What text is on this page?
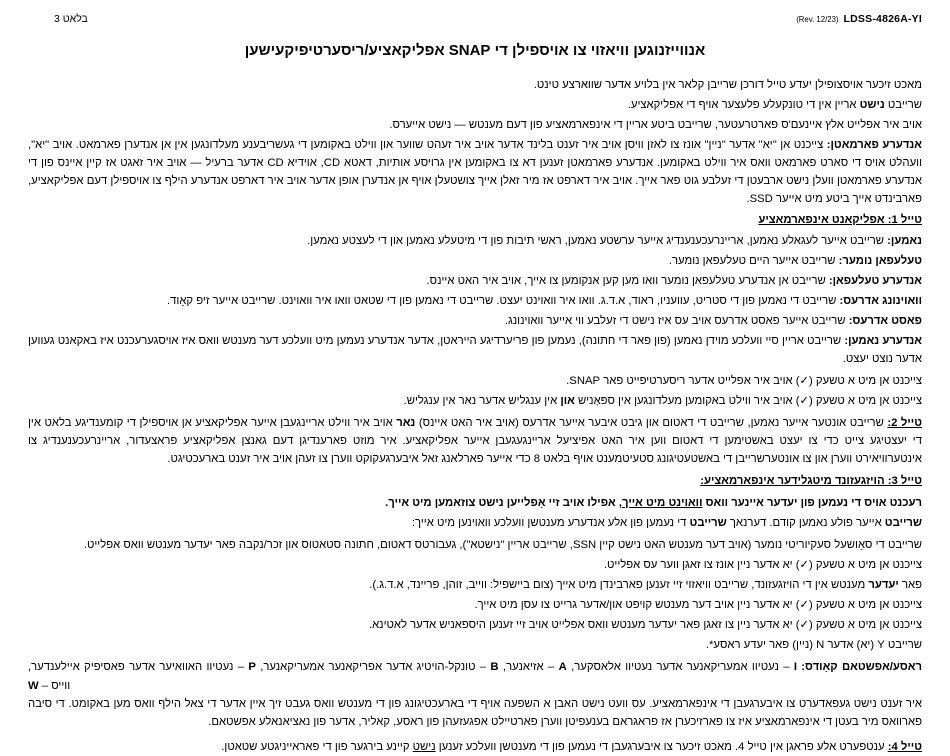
בלאט 3	(Rev. 12/23) LDSS-4826A-YI
אנווייזנוגען וויאזוי צו אויספילן די SNAP אפליקאציע/ריסערטיפיקעישען

מאכט זיכער אויסצופילן יעדע טייל דורכן שרייבן קלאר אין בלויע אדער שווארצע טינט.

שרייבט נישט אריין אין די טונקעלע פלעצער אויף די אפליקאציע.

אויב איר אפלייט אלץ איינעם'ס פארטרעטער, שרייבט ביטע אריין די אינפארמאציע פון דעם מענטש — נישט אייערס.

אנדערע פארמאטן: צייכנט אן "יא" אדער "ניין" אונז צו לאזן וויסן אויב איר זענט בלינד אדער אויב איר זעהט שווער און ווילט באקומען די געשריבענע מעלדונגען אין אן אנדערן פארמאט. אויב "יא", וועהלט אויס די סארט פארמאט וואס איר ווילט באקומען. אנדערע פארמאטן זענען דא צו באקומען אין גרויסע אותיות, דאטא CD, אוידיא CD אדער ברעיל — אויב איר זאגט אז קיין איינס פון די אנדערע פארמאטן וועלן נישט ארבעטן די זעלבע גוט פאר אייך. אויב איר דארפט אז מיר זאלן אייך צושטעלן אויף אן אנדערן אופן אדער אויב איר דארפט אנדערע הילף צו אויספילן דעם אפליקאציע, פארבינדט אייך ביטע מיט אייער SSD.

טייל 1: אפליקאנט אינפארמאציע

נאמען: שרייבט אייער לעגאלע נאמען, אריינרעכענענדיג אייער ערשטע נאמען, ראשי תיבות פון די מיטעלע נאמען און די לעצטע נאמען.

טעלעפאן נומער: שרייבט אייער היים טעלעפאן נומער.

אנדערע טעלעפאן: שרייבט אן אנדערע טעלעפאן נומער וואו מען קען אנקומען צו אייך, אויב איר האט איינס.

וואוינונג אדרעס: שרייבט די נאמען פון די סטריט, עוועניו, ראוד, א.ד.ג. וואו איר וואוינט יעצט. שרייבט די נאמען פון די שטאט וואו איר וואוינט. שרייבט אייער זיפ קאָוד.

פאסט אדרעס: שרייבט אייער פאסט אדרעס אויב עס איז נישט די זעלבע ווי אייער וואוינונג.

אנדערע נאמען: שרייבט אריין סיי וועלכע מוידן נאמען (פון פאר די חתונה), נעמען פון פריערדיגע הייראטן, אדער אנדערע נעמען מיט וועלכע דער מענטש וואס איז אויסגערעכנט איז באקאנט געווען אדער נוצט יעצט.

צייכנט אן מיט א טשעק (✓) אויב איר אפלייט אדער ריסערטיפייט פאר SNAP.

צייכנט אן מיט א טשעק (✓) אויב איר ווילט באקומען מעלדונגען אין ספּאַניש און אין ענגליש אדער נאר אין ענגליש.

טייל 2: שרייבט אונטער אייער נאמען, שרייבט די דאטום און גיבט איבער אייער אדרעס (אויב איר האט איינס) נאר אויב איר ווילט אריינגעבן אייער אפליקאציע אן אויספילן די קומענדיגע בלאט אין די יעצטיגע צייט כדי צו יעצט באשטימען די דאטום ווען איר האט אפיציעל אריינגעגעבן אייער אפליקאציע. איר מוזט פארענדיגן דעם גאנצן אפליקאציע פראצעדור, אריינרעכענענדיג צו אינטערוויאירט ווערן און צו אונטערשרייבן די באשטעטיגונג סטעיטמענט אויף בלאט 8 כדי אייער פארלאנג זאל איבערגעקוקט ווערן צו זעהן אויב איר זענט בארעכטיגט.

טייל 3: הויזגעזונד מיטגלידער אינפארמאציע:

רעכנט אויס די נעמען פון יעדער איינער וואס וואוינט מיט אייך, אפילו אויב זיי אָפלייען נישט צוזאמען מיט אייך.

שרייבט אייער פולע נאמען קודם. דערנאך שרייבט די נעמען פון אלע אנדערע מענטשן וועלכע וואוינען מיט אייך:

שרייבט די סאָושעל סעקיוריטי נומער (אויב דער מענטש האט נישט קיין SSN, שרייבט אריין "נישטא"), געבורטס דאטום, חתונה סטאטוס און זכר/נקבה פאר יעדער מענטש וואס אפלייט.

צייכנט אן מיט א טשעק (✓) יא אדער ניין אונז צו זאגן ווער עס אפלייט.

פאר יעדער מענטש אין די הויזגעזונד, שרייבט וויאזוי זיי זענען פארבינדן מיט אייך (צום ביישפיל: ווייב, זוהן, פריינד, א.ד.ג.).

צייכנט אן מיט א טשעק (✓) יא אדער ניין אויב דער מענטש קויפט און/אדער גרייט צו עסן מיט אייך.

צייכנט אן מיט א טשעק (✓) יא אדער ניין צו זאגן פאר יעדער מענטש וואס אפלייט אויב זיי זענען היספאניש אדער לאטינא.

שרייבט Y (יא) אדער N (ניין) פאר יעדע ראסע*.

ראסע/אפשטאם קאָודס: I – נעטיוו אמעריקאנער אדער נעטיוו אלאסקער, A – אזיאנער, B – טונקל-הויטיג אדער אפריקאנער אמעריקאנער, P – נעטיוו האוואיער אדער פאסיפיק איילענדער,

W – ווייס

איר זענט נישט געפאדערט צו איבערגעבן די אינפארמאציע. עס וועט נישט האבן א השפעה אויף די בארעכטיגונג פון די מענטש וואס געבט זיך איין אדער די צאל הילף וואס מען באקומט. די סיבה פארוואס מיר בעטן די אינפארמאציע איז צו פארזיכערן אז פראגראם בענעפיטן ווערן פארטיילט אפגעזעהן פון ראסע, קאליר, אדער פון נאציאנאלע אפשטאם.

טייל 4: ענטפערט אלע פראגן אין טייל 4. מאכט זיכער צו איבערגעבן די נעמען פון די מענטשן וועלכע זענען נישט קיינע בירגער פון די פאראייניגטע שטאטן.
